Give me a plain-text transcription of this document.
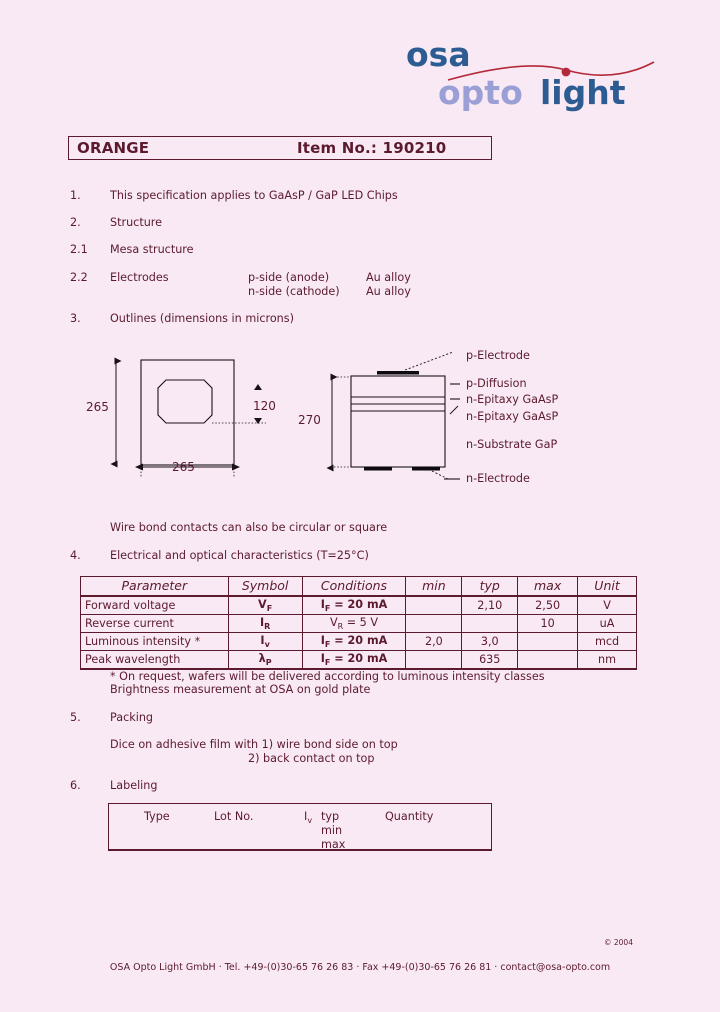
osa
opto light
ORANGE	Item No.: 190210
1.	This specification applies to GaAsP / GaP LED Chips
2.	Structure
2.1 Mesa structure
2.2 Electrodes	p-side (anode)	Au alloy
n-side (cathode) Au alloy
3.	Outlines (dimensions in microns)
265
265
120
270
p-Electrode
p-Diffusion
n-Epitaxy GaAsP
n-Epitaxy GaAsP
n-Substrate GaP
n-Electrode
Wire bond contacts can also be circular or square
4.	Electrical and optical characteristics (T=25°C)
Parameter	Symbol	Conditions	min	typ	max	Unit
Forward voltage	$V_F$	$I_F = 20$ mA		2,10	2,50	V
Reverse current	$I_R$	$V_R = 5$ V			10	uA
Luminous intensity *	$I_v$	$I_F = 20$ mA	2,0	3,0		mcd
Peak wavelength	$\lambda_P$	$I_F = 20$ mA		635		nm
* On request, wafers will be delivered according to luminous intensity classes
Brightness measurement at OSA on gold plate
5.	Packing
Dice on adhesive film with 1) wire bond side on top
2) back contact on top
6.	Labeling
Type	Lot No.	$I_v$ typ
min
max
Quantity
© 2004
OSA Opto Light GmbH · Tel. +49-(0)30-65 76 26 83 · Fax +49-(0)30-65 76 26 81 · contact@osa-opto.com
